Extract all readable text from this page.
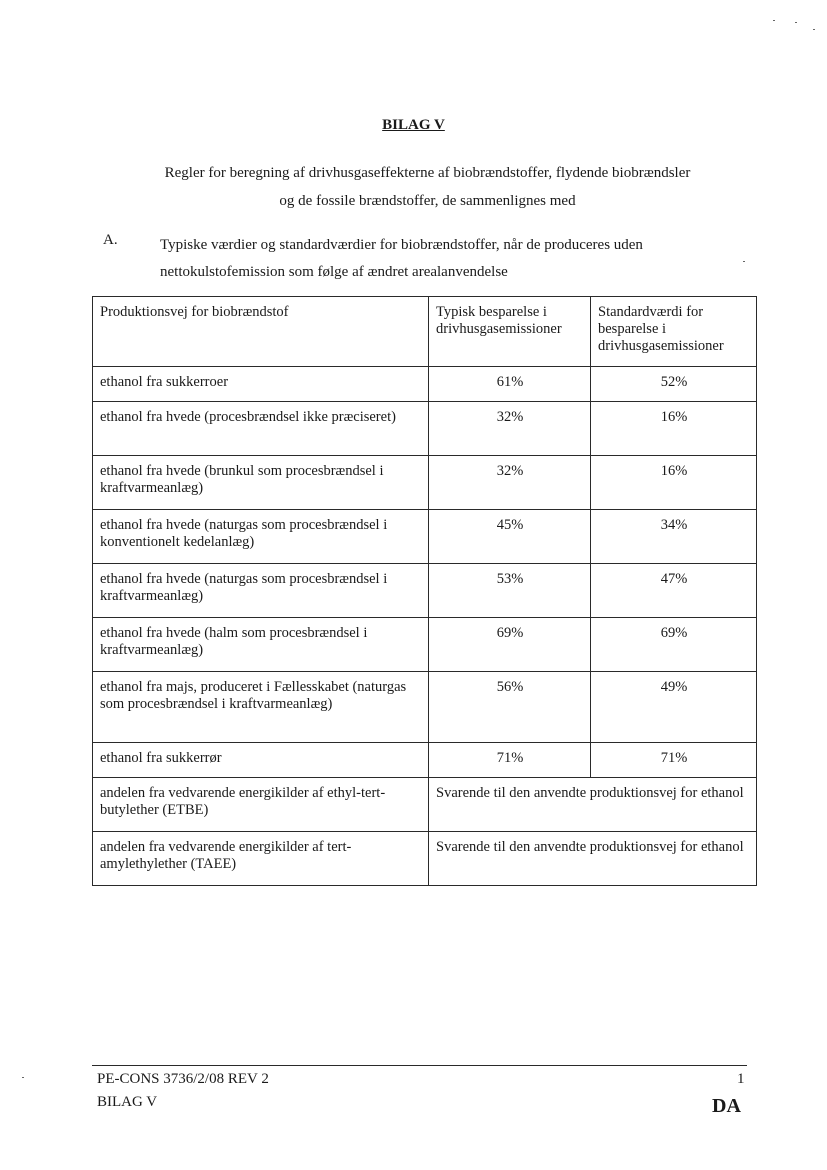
BILAG V
Regler for beregning af drivhusgaseffekterne af biobrændstoffer, flydende biobrændsler
og de fossile brændstoffer, de sammenlignes med
A.	Typiske værdier og standardværdier for biobrændstoffer, når de produceres uden
nettokulstofemission som følge af ændret arealanvendelse
Produktionsvej for biobrændstof	Typisk besparelse i drivhusgasemissioner	Standardværdi for besparelse i drivhusgasemissioner
ethanol fra sukkerroer	61%	52%
ethanol fra hvede (procesbrændsel ikke præciseret)	32%	16%
ethanol fra hvede (brunkul som procesbrændsel i kraftvarmeanlæg)	32%	16%
ethanol fra hvede (naturgas som procesbrændsel i konventionelt kedelanlæg)	45%	34%
ethanol fra hvede (naturgas som procesbrændsel i kraftvarmeanlæg)	53%	47%
ethanol fra hvede (halm som procesbrændsel i kraftvarmeanlæg)	69%	69%
ethanol fra majs, produceret i Fællesskabet (naturgas som procesbrændsel i kraftvarmeanlæg)	56%	49%
ethanol fra sukkerrør	71%	71%
andelen fra vedvarende energikilder af ethyl-tert-butylether (ETBE)	Svarende til den anvendte produktionsvej for ethanol	
andelen fra vedvarende energikilder af tert-amylethylether (TAEE)	Svarende til den anvendte produktionsvej for ethanol	
PE-CONS 3736/2/08 REV 2
BILAG V
1
DA
